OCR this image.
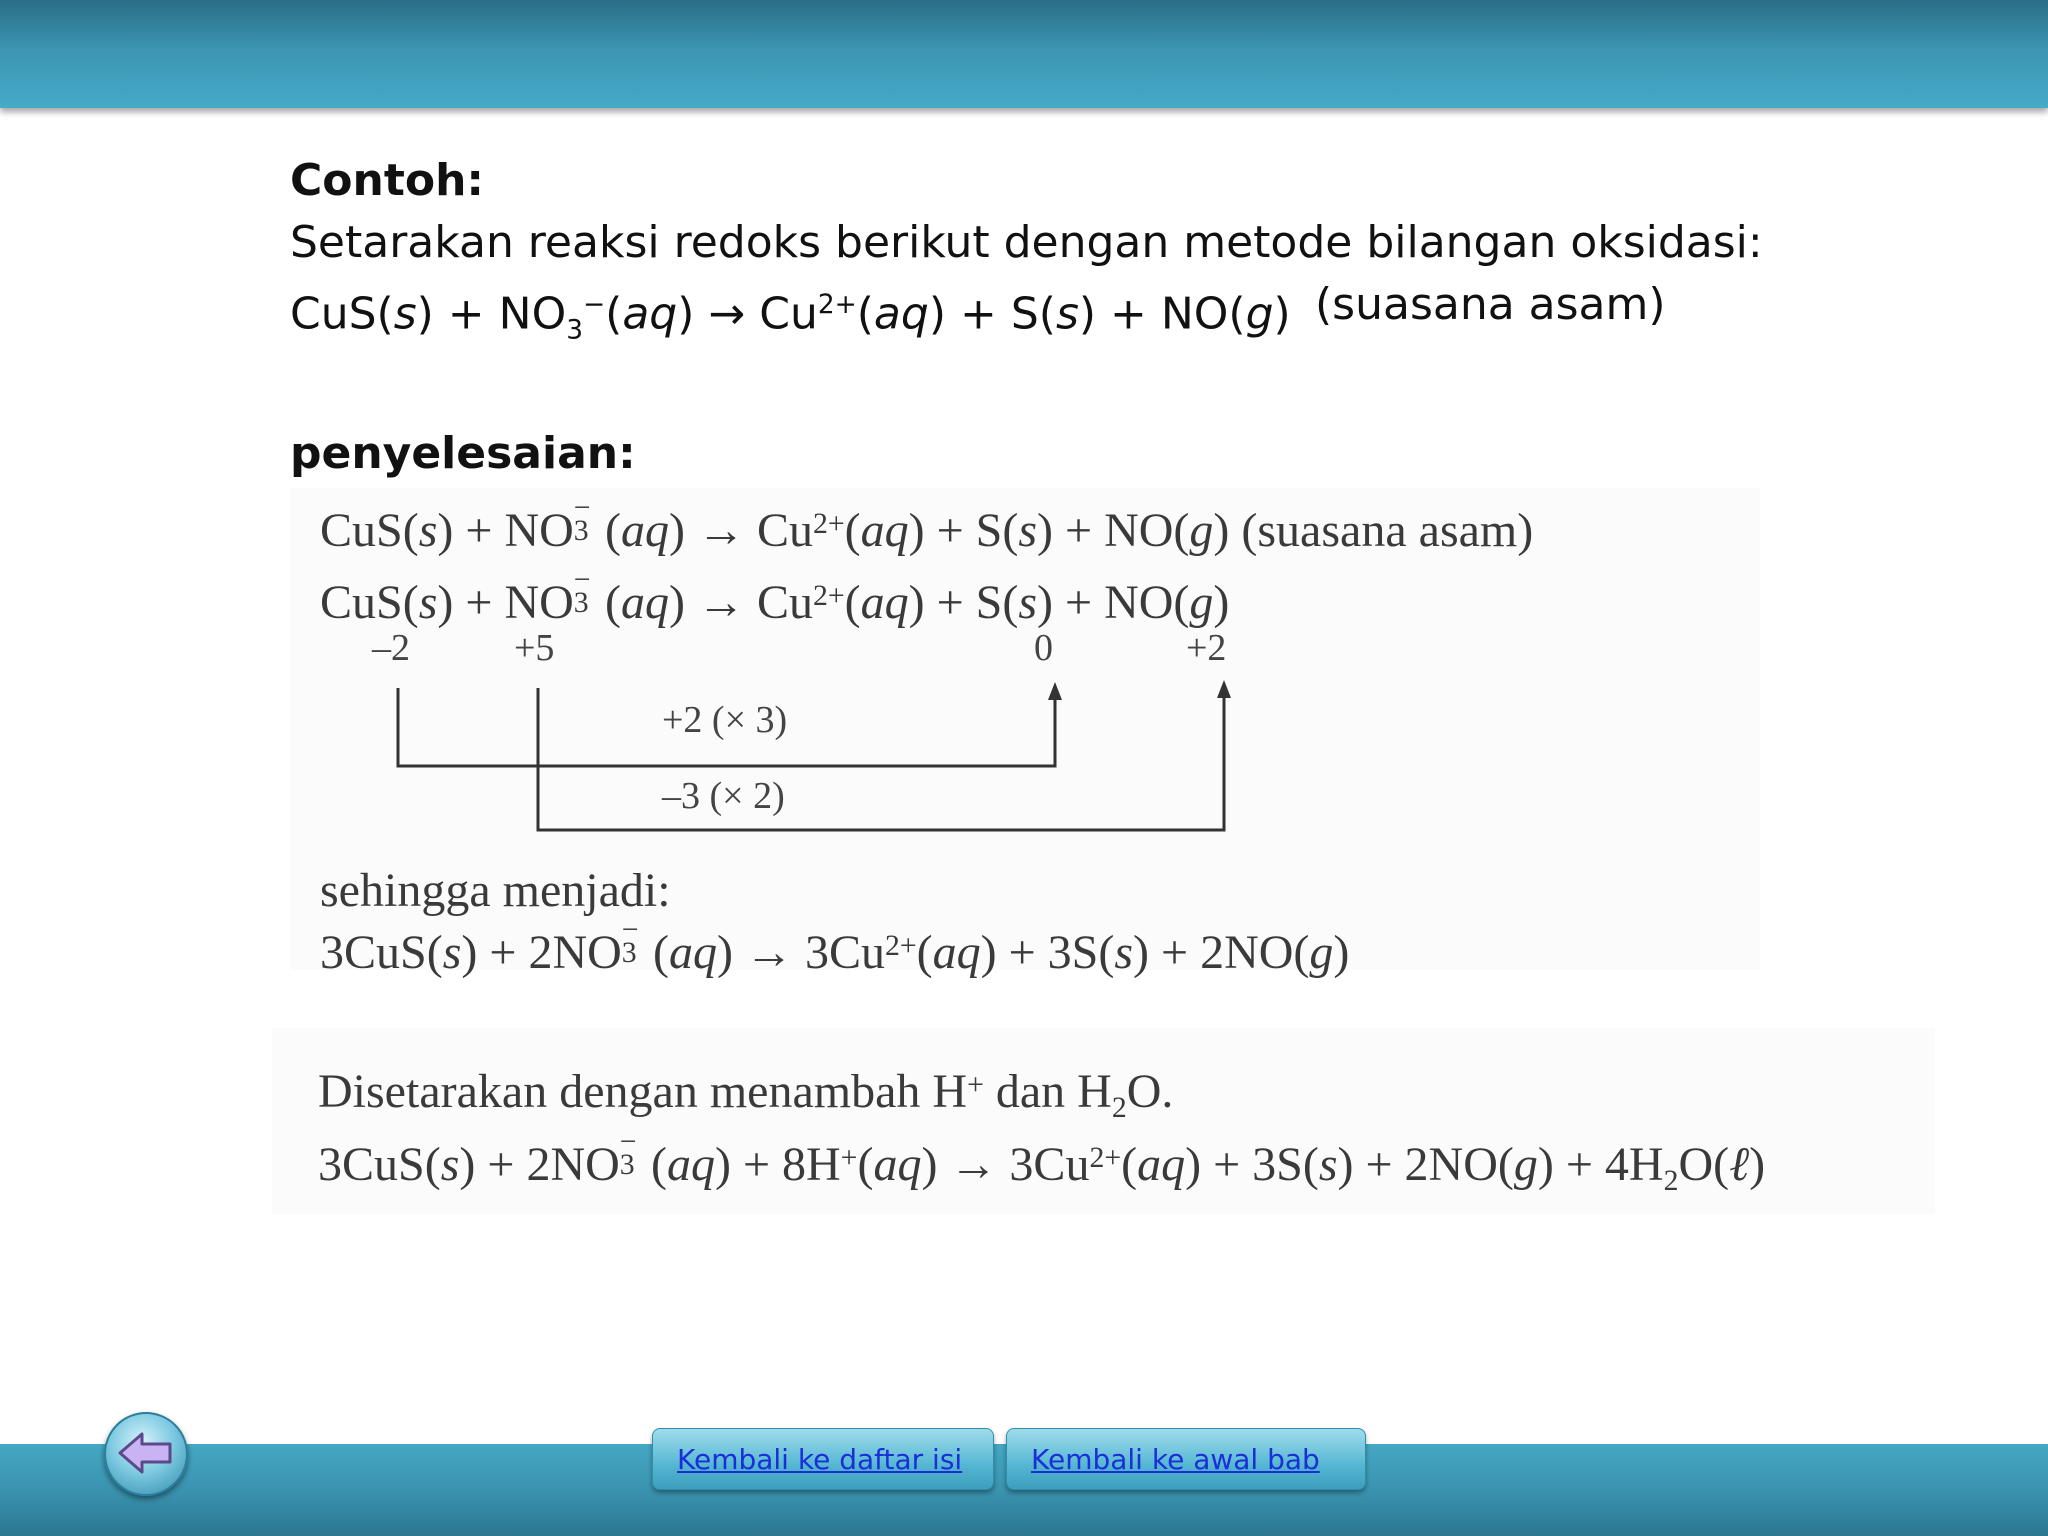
Contoh:
Setarakan reaksi redoks berikut dengan metode bilangan oksidasi:
$CuS(s) + NO_3^-(aq) \to Cu^{2+}(aq) + S(s) + NO(g)$ (suasana asam)
penyelesaian:
CuS(s) + NO −
3 $(aq) \to Cu^{2+}(aq) + S(s) + NO(g)$ (suasana asam)
CuS(s) + NO −
3 $(aq) \to Cu^{2+}(aq) + S(s) + NO(g)$
–2	+5	0	+2
+2 (× 3)
–3 (× 2)
sehingga menjadi:
3CuS(s) + 2NO −
3 $(aq) \to 3Cu^{2+}(aq) + 3S(s) + 2NO(g)$
Disetarakan dengan menambah H+ dan $H_2O$.
3CuS(s) + 2NO −
3 $(aq) + 8H^+(aq) \to 3Cu^{2+}(aq) + 3S(s) + 2NO(g)$ + $4H_2O(\ell)$
Kembali ke daftar isi Kembali ke awal bab
